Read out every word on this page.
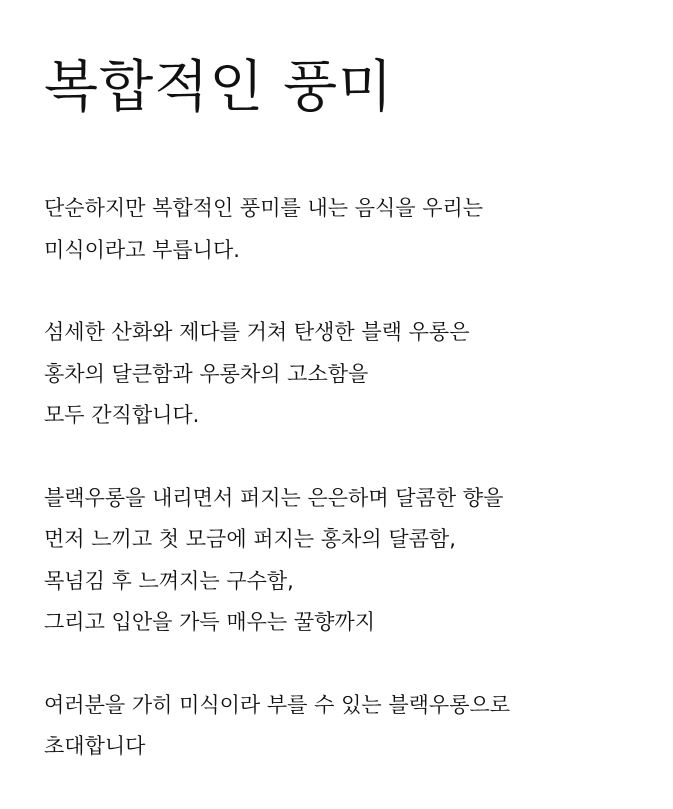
복합적인 풍미

단순하지만 복합적인 풍미를 내는 음식을 우리는
미식이라고 부릅니다.

섬세한 산화와 제다를 거쳐 탄생한 블랙 우롱은
홍차의 달큰함과 우롱차의 고소함을
모두 간직합니다.

블랙우롱을 내리면서 퍼지는 은은하며 달콤한 향을
먼저 느끼고 첫 모금에 퍼지는 홍차의 달콤함,
목넘김 후 느껴지는 구수함,
그리고 입안을 가득 매우는 꿀향까지

여러분을 가히 미식이라 부를 수 있는 블랙우롱으로
초대합니다
